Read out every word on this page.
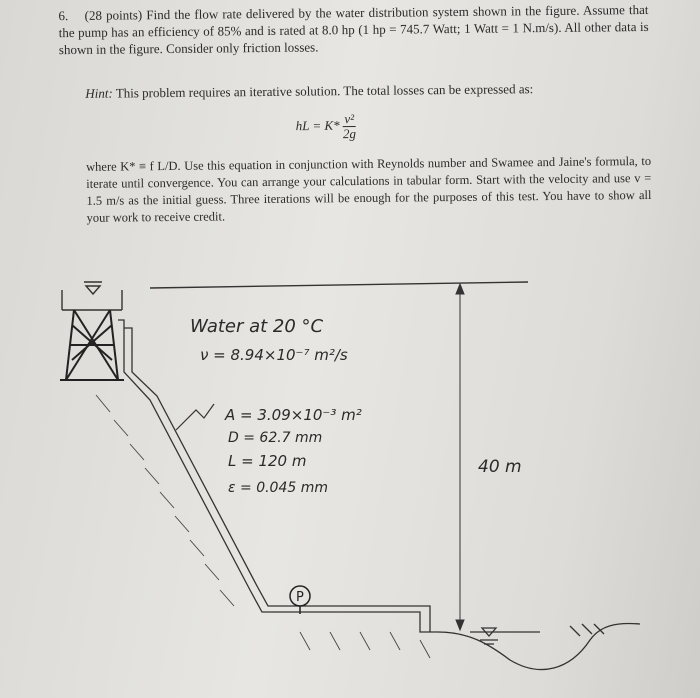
6. (28 points) Find the flow rate delivered by the water distribution system shown in the figure. Assume that the pump has an efficiency of 85% and is rated at 8.0 hp (1 hp = 745.7 Watt; 1 Watt = 1 N.m/s). All other data is shown in the figure. Consider only friction losses.
Hint: This problem requires an iterative solution. The total losses can be expressed as:
hL = $K* \frac{\text{v²}}{2g}$
where K* ≡ f L/D. Use this equation in conjunction with Reynolds number and Swamee and Jaine's formula, to iterate until convergence. You can arrange your calculations in tabular form. Start with the velocity and use v = 1.5 m/s as the initial guess. Three iterations will be enough for the purposes of this test. You have to show all your work to receive credit.
P
40 m
Water at 20 °C
ν = 8.94×10⁻⁷ m²/s
A = 3.09×10⁻³ m²
D = 62.7 mm
L = 120 m
ε = 0.045 mm
